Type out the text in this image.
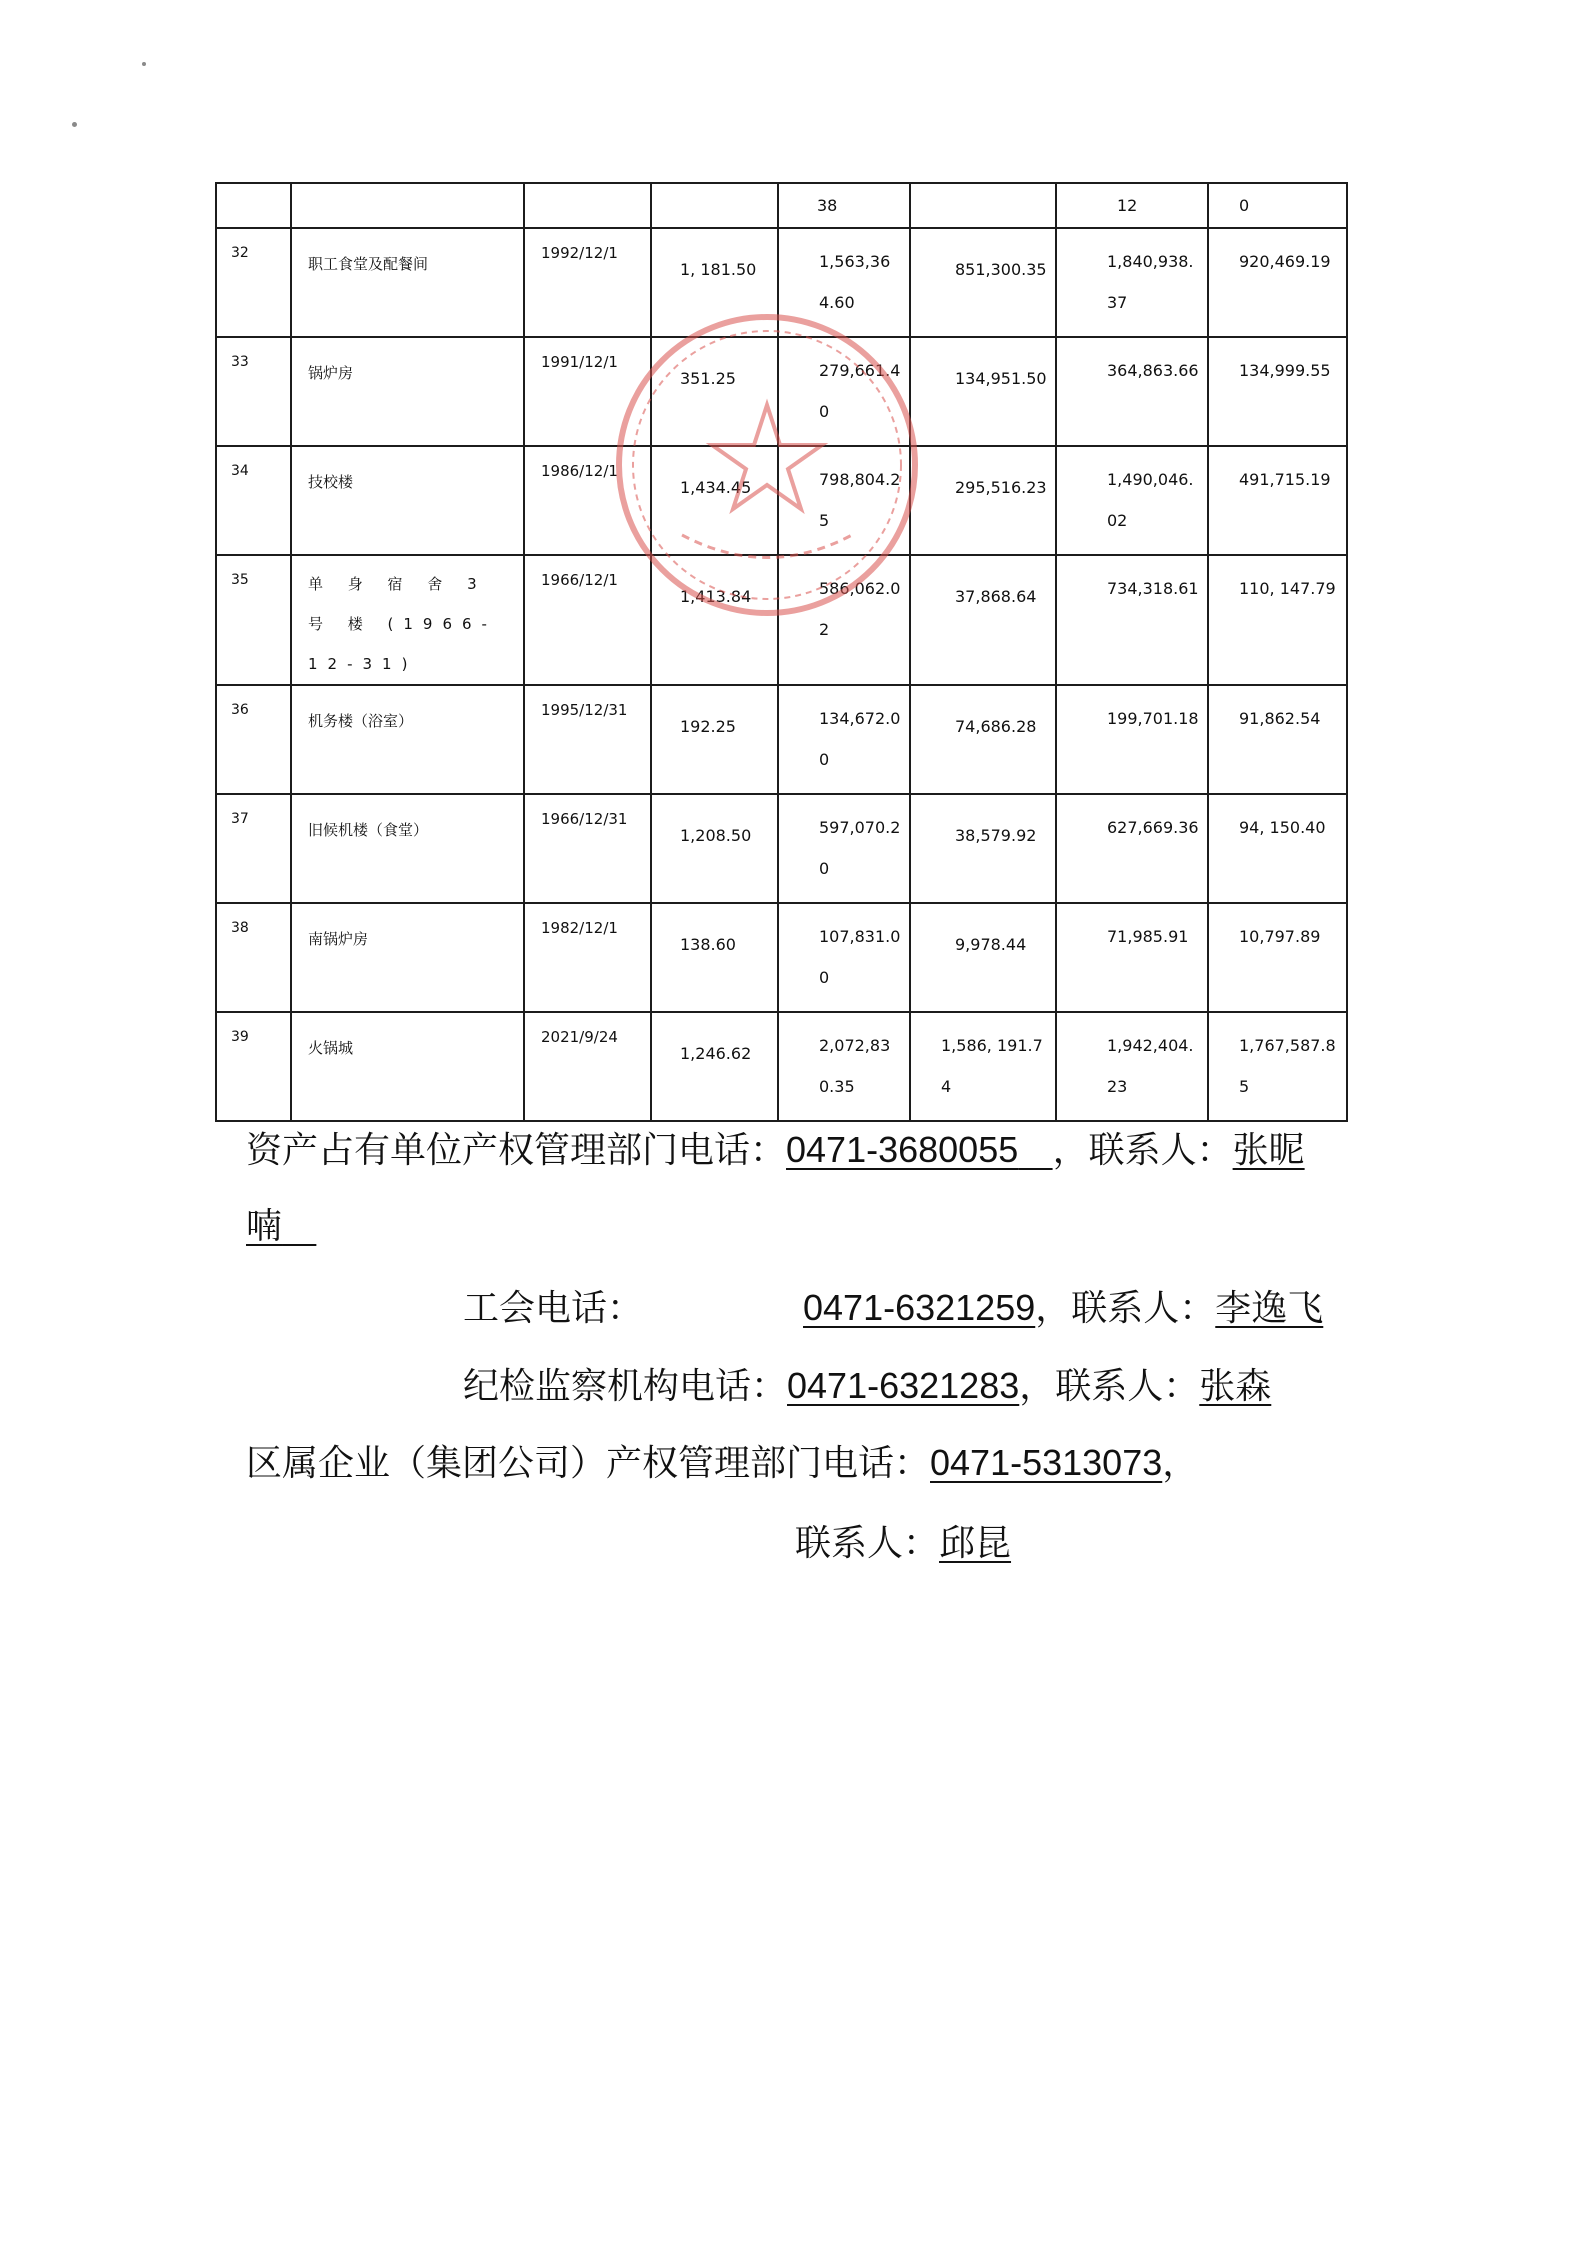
				38		12	0
32	职工食堂及配餐间	1992/12/1	1, 181.50	1,563,364.60	851,300.35	1,840,938.37	920,469.19
33	锅炉房	1991/12/1	351.25	279,661.40	134,951.50	364,863.66	134,999.55
34	技校楼	1986/12/1	1,434.45	798,804.25	295,516.23	1,490,046.02	491,715.19
35	单 身 宿 舍 3 号 楼 (1966-12-31)	1966/12/1	1,413.84	586,062.02	37,868.64	734,318.61	110, 147.79
36	机务楼（浴室）	1995/12/31	192.25	134,672.00	74,686.28	199,701.18	91,862.54
37	旧候机楼（食堂）	1966/12/31	1,208.50	597,070.20	38,579.92	627,669.36	94, 150.40
38	南锅炉房	1982/12/1	138.60	107,831.00	9,978.44	71,985.91	10,797.89
39	火锅城	2021/9/24	1,246.62	2,072,830.35	1,586, 191.74	1,942,404.23	1,767,587.85
资产占有单位产权管理部门电话：0471-3680055 ，联系人：张昵
喃
工会电话：	0471-6321259，联系人：李逸飞
纪检监察机构电话：0471-6321283，联系人：张森
区属企业（集团公司）产权管理部门电话：0471-5313073，
联系人：邱昆
